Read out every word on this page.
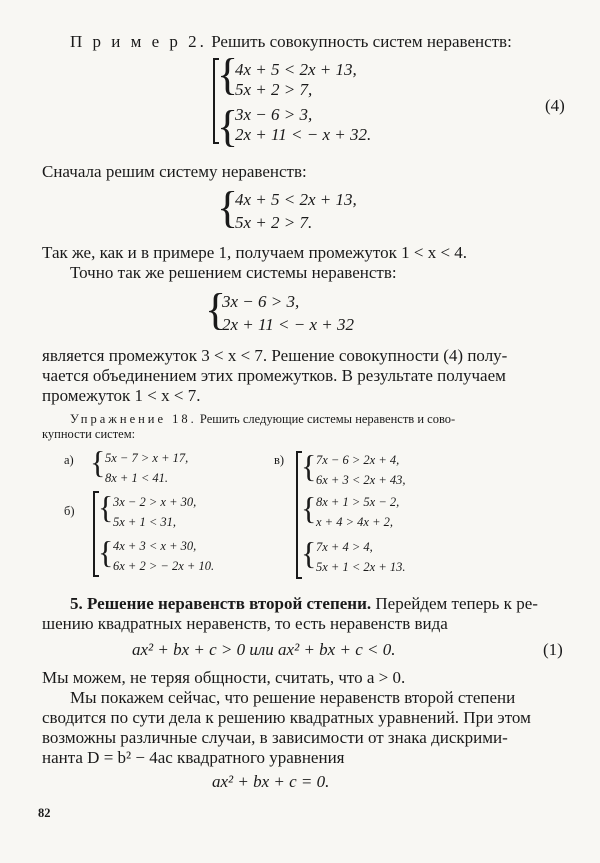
П р и м е р 2. Решить совокупность систем неравенств:
{
4x + 5 < 2x + 13,
5x + 2 > 7,
{
3x − 6 > 3,
2x + 11 < − x + 32.
(4)
Сначала решим систему неравенств:
{
4x + 5 < 2x + 13,
5x + 2 > 7.
Так же, как и в примере 1, получаем промежуток 1 < x < 4.
Точно так же решением системы неравенств:
{
3x − 6 > 3,
2x + 11 < − x + 32
является промежуток 3 < x < 7. Решение совокупности (4) полу-
чается объединением этих промежутков. В результате получаем
промежуток 1 < x < 7.
Упражнение 18. Решить следующие системы неравенств и сово-
купности систем:
а) { 5x − 7 > x + 17,
8x + 1 < 41.
б) { 3x − 2 > x + 30,
5x + 1 < 31,
{ 4x + 3 < x + 30,
6x + 2 > − 2x + 10.
в) { 7x − 6 > 2x + 4,
6x + 3 < 2x + 43,
{ 8x + 1 > 5x − 2,
x + 4 > 4x + 2,
{ 7x + 4 > 4,
5x + 1 < 2x + 13.
5. Решение неравенств второй степени. Перейдем теперь к ре-
шению квадратных неравенств, то есть неравенств вида
ax² + bx + c > 0 или ax² + bx + c < 0.	(1)
Мы можем, не теряя общности, считать, что a > 0.
Мы покажем сейчас, что решение неравенств второй степени
сводится по сути дела к решению квадратных уравнений. При этом
возможны различные случаи, в зависимости от знака дискрими-
нанта D = b² − 4ac квадратного уравнения
ax² + bx + c = 0.
82
